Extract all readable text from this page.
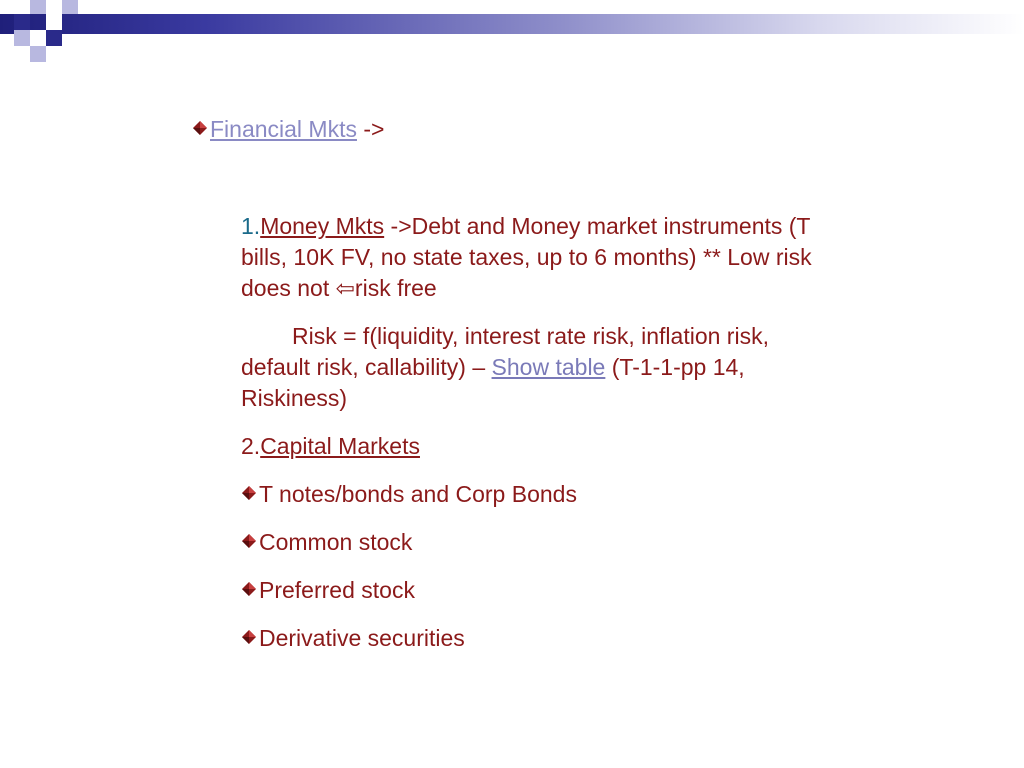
Financial Mkts ->

1.Money Mkts ->Debt and Money market instruments (T bills, 10K FV, no state taxes, up to 6 months) ** Low risk does not ⇦risk free

Risk = f(liquidity, interest rate risk, inflation risk, default risk, callability) – Show table (T-1-1-pp 14, Riskiness)

2.Capital Markets

T notes/bonds and Corp Bonds

Common stock

Preferred stock

Derivative securities
